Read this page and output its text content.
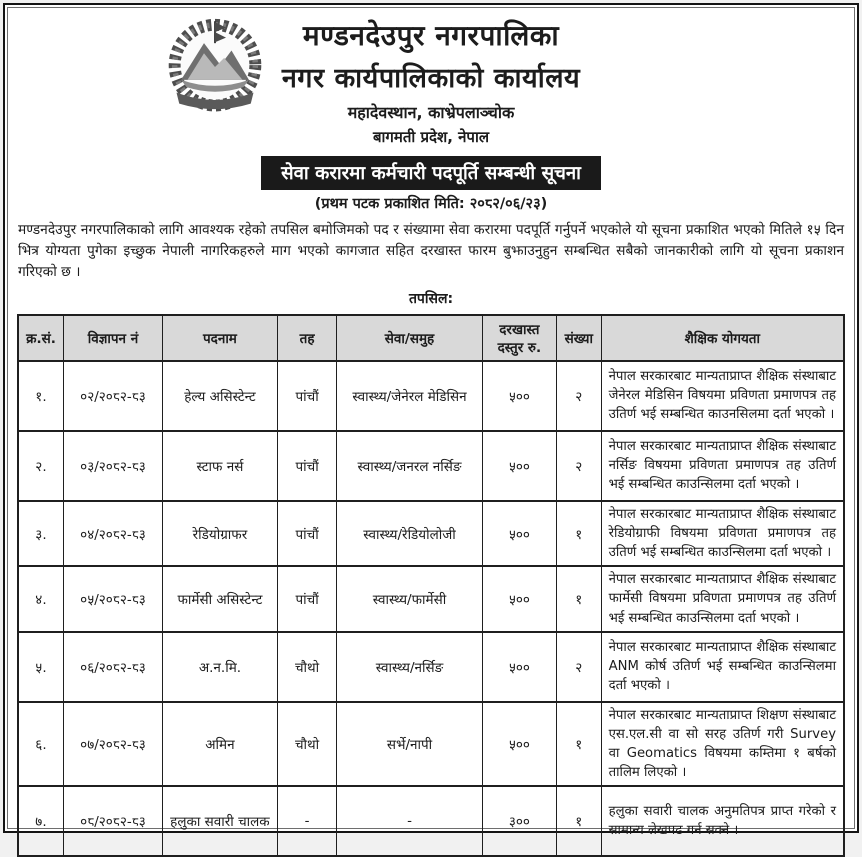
मण्डनदेउपुर नगरपालिका
नगर कार्यपालिकाको कार्यालय
महादेवस्थान, काभ्रेपलाञ्चोक
बागमती प्रदेश, नेपाल
सेवा करारमा कर्मचारी पदपूर्ति सम्बन्धी सूचना
(प्रथम पटक प्रकाशित मिति: २०८२/०६/२३)

मण्डनदेउपुर नगरपालिकाको लागि आवश्यक रहेको तपसिल बमोजिमको पद र संख्यामा सेवा करारमा पदपूर्ति गर्नुपर्ने भएकोले यो सूचना प्रकाशित भएको मितिले १५ दिन भित्र योग्यता पुगेका इच्छुक नेपाली नागरिकहरुले माग भएको कागजात सहित दरखास्त फारम बुझाउनुहुन सम्बन्धित सबैको जानकारीको लागि यो सूचना प्रकाशन गरिएको छ ।

तपसिल:
क्र.सं.	विज्ञापन नं	पदनाम	तह	सेवा/समुह	दरखास्त दस्तुर रु.	संख्या	शैक्षिक योगयता
१.	०२/२०८२-८३	हेल्य असिस्टेन्ट	पांचौं	स्वास्थ्य/जेनेरल मेडिसिन	५००	२	नेपाल सरकारबाट मान्यताप्राप्त शैक्षिक संस्थाबाट जेनेरल मेडिसिन विषयमा प्रविणता प्रमाणपत्र तह उतिर्ण भई सम्बन्धित काउनसिलमा दर्ता भएको ।
२.	०३/२०८२-८३	स्टाफ नर्स	पांचौं	स्वास्थ्य/जनरल नर्सिङ	५००	२	नेपाल सरकारबाट मान्यताप्राप्त शैक्षिक संस्थाबाट नर्सिङ विषयमा प्रविणता प्रमाणपत्र तह उतिर्ण भई सम्बन्धित काउन्सिलमा दर्ता भएको ।
३.	०४/२०८२-८३	रेडियोग्राफर	पांचौं	स्वास्थ्य/रेडियोलोजी	५००	१	नेपाल सरकारबाट मान्यताप्राप्त शैक्षिक संस्थाबाट रेडियोग्राफी विषयमा प्रविणता प्रमाणपत्र तह उतिर्ण भई सम्बन्धित काउन्सिलमा दर्ता भएको ।
४.	०५/२०८२-८३	फार्मेसी असिस्टेन्ट	पांचौं	स्वास्थ्य/फार्मेसी	५००	१	नेपाल सरकारबाट मान्यताप्राप्त शैक्षिक संस्थाबाट फार्मेसी विषयमा प्रविणता प्रमाणपत्र तह उतिर्ण भई सम्बन्धित काउन्सिलमा दर्ता भएको ।
५.	०६/२०८२-८३	अ.न.मि.	चौथो	स्वास्थ्य/नर्सिङ	५००	२	नेपाल सरकारबाट मान्यताप्राप्त शैक्षिक संस्थाबाट ANM कोर्ष उतिर्ण भई सम्बन्धित काउन्सिलमा दर्ता भएको ।
६.	०७/२०८२-८३	अमिन	चौथो	सर्भे/नापी	५००	१	नेपाल सरकारबाट मान्यताप्राप्त शिक्षण संस्थाबाट एस.एल.सी वा सो सरह उतिर्ण गरी Survey वा Geomatics विषयमा कम्तिमा १ बर्षको तालिम लिएको ।
७.	०८/२०८२-८३	हलुका सवारी चालक	-	-	३००	१	हलुका सवारी चालक अनुमतिपत्र प्राप्त गरेको र सामान्य लेखपढ गर्न सक्ने ।
